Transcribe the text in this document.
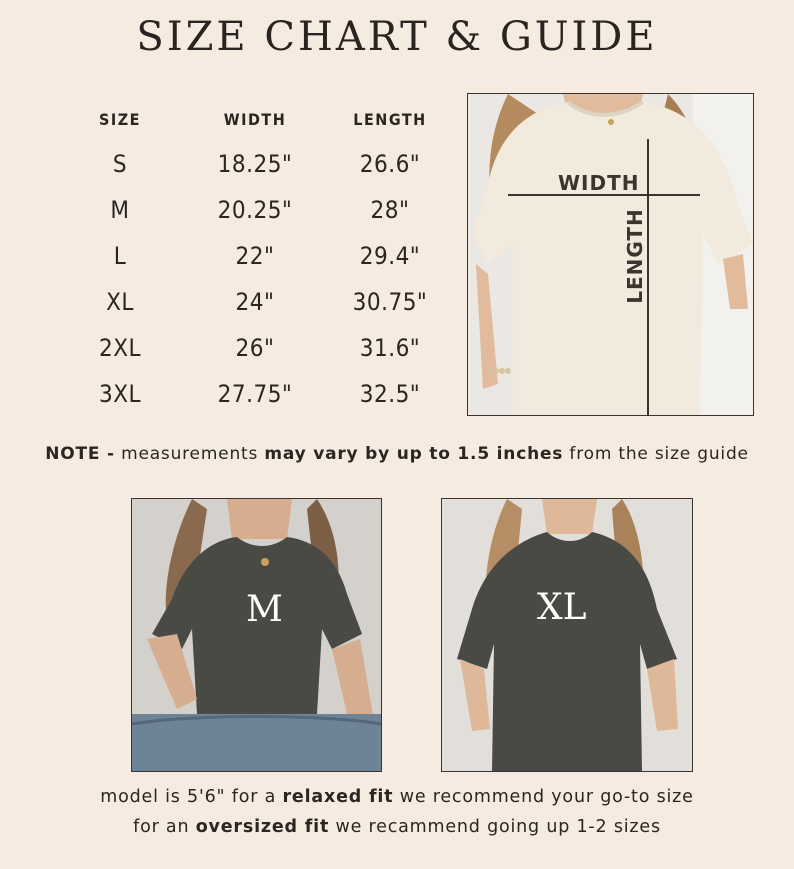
SIZE CHART & GUIDE
SIZE	WIDTH	LENGTH
S	18.25"	26.6"
M	20.25"	28"
L	22"	29.4"
XL	24"	30.75"
2XL	26"	31.6"
3XL	27.75"	32.5"
WIDTH
LENGTH
NOTE - measurements may vary by up to 1.5 inches from the size guide
M	XL
model is 5'6" for a relaxed fit we recommend your go-to size
for an oversized fit we recammend going up 1-2 sizes
